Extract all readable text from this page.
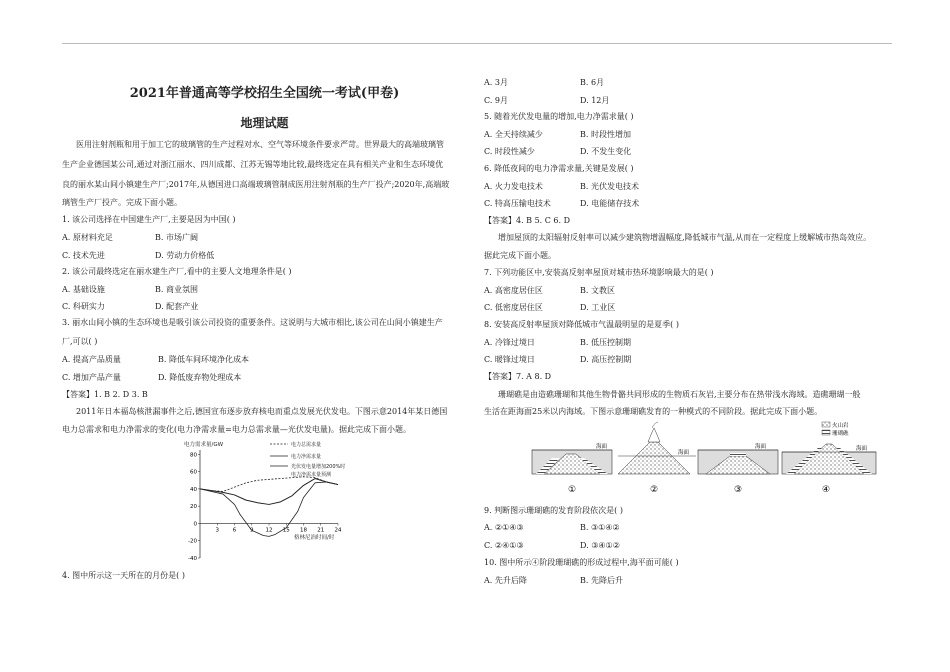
2021年普通高等学校招生全国统一考试(甲卷)
地理试题
医用注射剂瓶和用于加工它的玻璃管的生产过程对水、空气等环境条件要求严苛。世界最大的高端玻璃管
生产企业德国某公司,通过对浙江丽水、四川成都、江苏无锡等地比较,最终选定在具有相关产业和生态环境优
良的丽水某山间小镇建生产厂;2017年,从德国进口高端玻璃管制成医用注射剂瓶的生产厂投产;2020年,高端玻
璃管生产厂投产。完成下面小题。
1. 该公司选择在中国建生产厂,主要是因为中国( )
A. 原材料充足	B. 市场广阔
C. 技术先进	D. 劳动力价格低
2. 该公司最终选定在丽水建生产厂,看中的主要人文地理条件是( )
A. 基础设施	B. 商业氛围
C. 科研实力	D. 配套产业
3. 丽水山间小镇的生态环境也是吸引该公司投资的重要条件。这说明与大城市相比,该公司在山间小镇建生产
厂,可以( )
A. 提高产品质量	B. 降低车间环境净化成本
C. 增加产品产量	D. 降低废弃物处理成本
【答案】1. B 2. D 3. B
2011年日本福岛核泄漏事件之后,德国宣布逐步放弃核电而重点发展光伏发电。下图示意2014年某日德国
电力总需求和电力净需求的变化(电力净需求量=电力总需求量—光伏发电量)。据此完成下面小题。
电力需求量/GW
80
60
40
20
0
-20
-40
3	6	9 12 15 18 21 24
电力总需求量
电力净需求量
光伏发电量增加200%时
电力净需求量预测
格林尼治时间/时
4. 图中所示这一天所在的月份是( )
A. 3月	B. 6月
C. 9月	D. 12月
5. 随着光伏发电量的增加,电力净需求量( )
A. 全天持续减少	B. 时段性增加
C. 时段性减少	D. 不发生变化
6. 降低夜间的电力净需求量,关键是发展( )
A. 火力发电技术	B. 光伏发电技术
C. 特高压输电技术	D. 电能储存技术
【答案】4. B 5. C 6. D
增加屋顶的太阳辐射反射率可以减少建筑物增温幅度,降低城市气温,从而在一定程度上缓解城市热岛效应。
据此完成下面小题。
7. 下列功能区中,安装高反射率屋顶对城市热环境影响最大的是( )
A. 高密度居住区	B. 文教区
C. 低密度居住区	D. 工业区
8. 安装高反射率屋顶对降低城市气温最明显的是夏季( )
A. 冷锋过境日	B. 低压控制期
C. 暖锋过境日	D. 高压控制期
【答案】7. A 8. D
珊瑚礁是由造礁珊瑚和其他生物骨骼共同形成的生物质石灰岩,主要分布在热带浅水海域。造礁珊瑚一般
生活在距海面25米以内海域。下图示意珊瑚礁发育的一种模式的不同阶段。据此完成下面小题。
海面
海面
海面	海面
火山岩
珊瑚礁
①	②	③	④
9. 判断图示珊瑚礁的发育阶段依次是( )
A. ②①④③	B. ③①④②
C. ②④①③	D. ③④①②
10. 图中所示④阶段珊瑚礁的形成过程中,海平面可能( )
A. 先升后降	B. 先降后升
